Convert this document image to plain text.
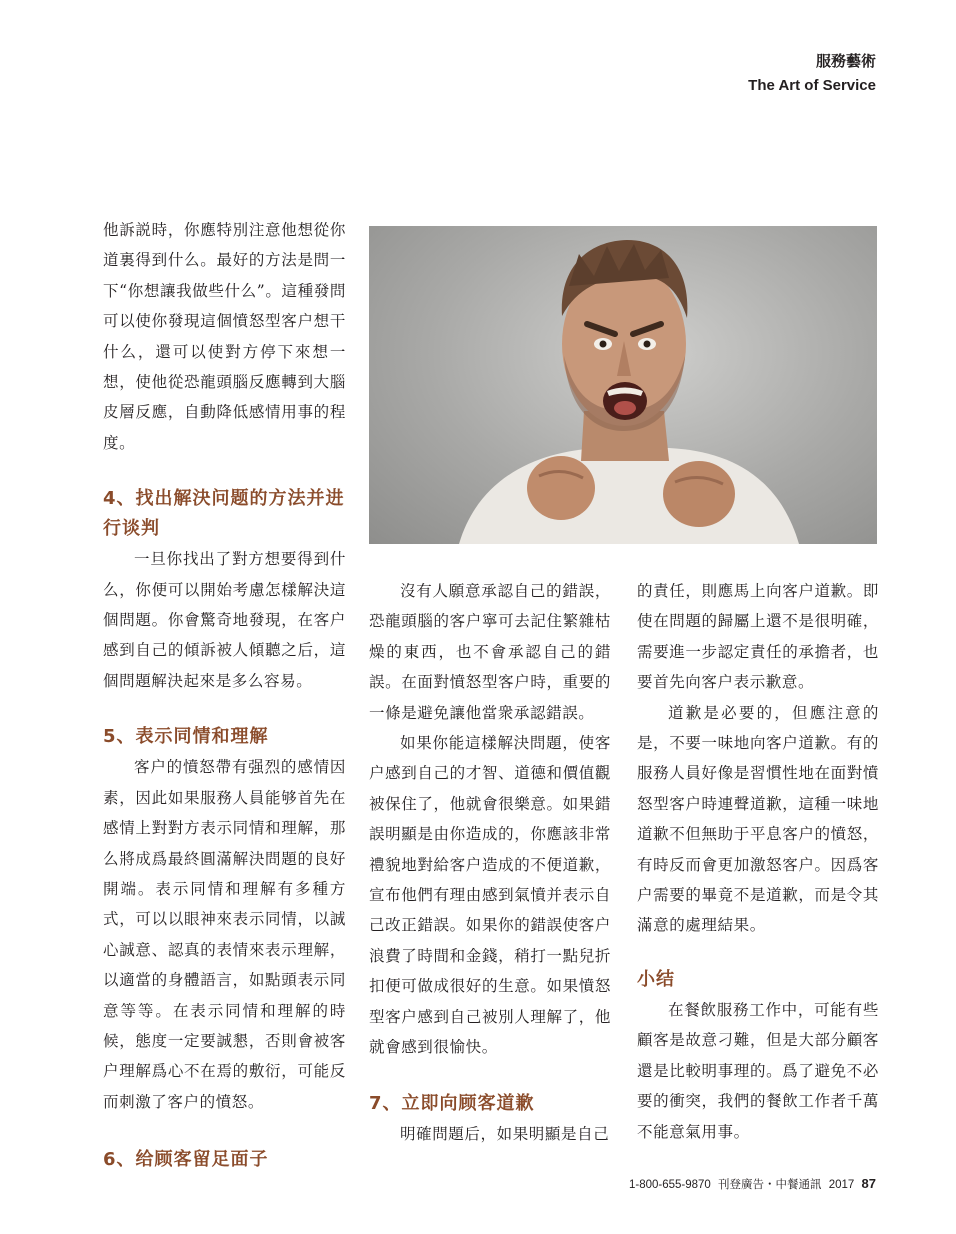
服務藝術
The Art of Service

他訴説時，你應特別注意他想從你道裏得到什么。最好的方法是問一下“你想讓我做些什么”。這種發問可以使你發現這個憤怒型客户想干什么，還可以使對方停下來想一想，使他從恐龍頭腦反應轉到大腦皮層反應，自動降低感情用事的程度。

4、找出解決问题的方法并进行谈判

一旦你找出了對方想要得到什么，你便可以開始考慮怎樣解決這個問題。你會驚奇地發現，在客户感到自己的傾訴被人傾聽之后，這個問題解決起來是多么容易。

5、表示同情和理解

客户的憤怒帶有强烈的感情因素，因此如果服務人員能够首先在感情上對對方表示同情和理解，那么將成爲最終圓滿解決問題的良好開端。表示同情和理解有多種方式，可以以眼神來表示同情，以誠心誠意、認真的表情來表示理解，以適當的身體語言，如點頭表示同意等等。在表示同情和理解的時候，態度一定要誠懇，否則會被客户理解爲心不在焉的敷衍，可能反而刺激了客户的憤怒。

6、给顾客留足面子

沒有人願意承認自己的錯誤，恐龍頭腦的客户寧可去記住繁雜枯燥的東西，也不會承認自己的錯誤。在面對憤怒型客户時，重要的一條是避免讓他當衆承認錯誤。

如果你能這樣解決問題，使客户感到自己的才智、道德和價值觀被保住了，他就會很樂意。如果錯誤明顯是由你造成的，你應該非常禮貌地對給客户造成的不便道歉，宣布他們有理由感到氣憤并表示自己改正錯誤。如果你的錯誤使客户浪費了時間和金錢，稍打一點兒折扣便可做成很好的生意。如果憤怒型客户感到自己被別人理解了，他就會感到很愉快。

7、立即向顾客道歉

明確問題后，如果明顯是自己

的責任，則應馬上向客户道歉。即使在問題的歸屬上還不是很明確，需要進一步認定責任的承擔者，也要首先向客户表示歉意。

道歉是必要的，但應注意的是，不要一味地向客户道歉。有的服務人員好像是習慣性地在面對憤怒型客户時連聲道歉，這種一味地道歉不但無助于平息客户的憤怒，有時反而會更加激怒客户。因爲客户需要的畢竟不是道歉，而是令其滿意的處理結果。

小结

在餐飲服務工作中，可能有些顧客是故意刁難，但是大部分顧客還是比較明事理的。爲了避免不必要的衝突，我們的餐飲工作者千萬不能意氣用事。

1-800-655-9870 刊登廣告・中餐通訊 2017 87
